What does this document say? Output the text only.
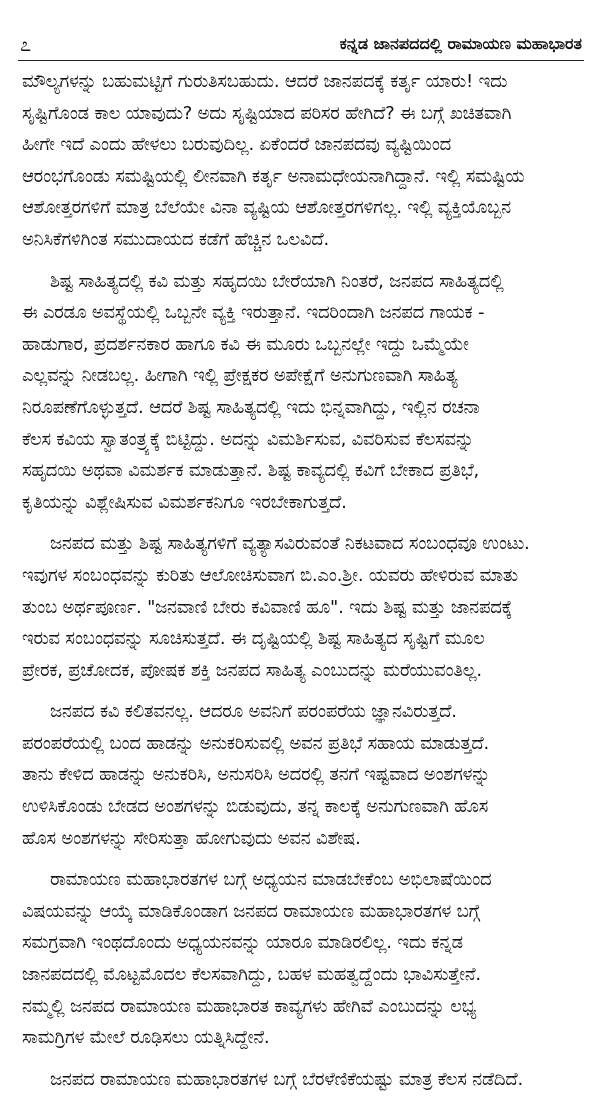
೭	ಕನ್ನಡ ಜಾನಪದದಲ್ಲಿ ರಾಮಾಯಣ ಮಹಾಭಾರತ
ಮೌಲ್ಯಗಳನ್ನು ಬಹುಮಟ್ಟಿಗೆ ಗುರುತಿಸಬಹುದು. ಆದರೆ ಜಾನಪದಕ್ಕೆ ಕರ್ತೃ ಯಾರು! ಇದು
ಸೃಷ್ಟಿಗೊಂಡ ಕಾಲ ಯಾವುದು? ಅದು ಸೃಷ್ಟಿಯಾದ ಪರಿಸರ ಹೇಗಿದೆ? ಈ ಬಗ್ಗೆ ಖಚಿತವಾಗಿ
ಹೀಗೇ ಇದೆ ಎಂದು ಹೇಳಲು ಬರುವುದಿಲ್ಲ. ಏಕೆಂದರೆ ಜಾನಪದವು ವ್ಯಷ್ಟಿಯಿಂದ
ಆರಂಭಗೊಂಡು ಸಮಷ್ಟಿಯಲ್ಲಿ ಲೀನವಾಗಿ ಕರ್ತೃ ಅನಾಮಧೇಯನಾಗಿದ್ದಾನೆ. ಇಲ್ಲಿ ಸಮಷ್ಟಿಯ
ಆಶೋತ್ತರಗಳಿಗೆ ಮಾತ್ರ ಬೆಲೆಯೇ ವಿನಾ ವ್ಯಷ್ಟಿಯ ಆಶೋತ್ತರಗಳಿಗಲ್ಲ. ಇಲ್ಲಿ ವ್ಯಕ್ತಿಯೊಬ್ಬನ
ಅನಿಸಿಕೆಗಳಿಗಿಂತ ಸಮುದಾಯದ ಕಡೆಗೆ ಹೆಚ್ಚಿನ ಒಲವಿದೆ.
ಶಿಷ್ಟ ಸಾಹಿತ್ಯದಲ್ಲಿ ಕವಿ ಮತ್ತು ಸಹೃದಯಿ ಬೇರೆಯಾಗಿ ನಿಂತರೆ, ಜನಪದ ಸಾಹಿತ್ಯದಲ್ಲಿ
ಈ ಎರಡೂ ಅವಸ್ಥೆಯಲ್ಲಿ ಒಬ್ಬನೇ ವ್ಯಕ್ತಿ ಇರುತ್ತಾನೆ. ಇದರಿಂದಾಗಿ ಜನಪದ ಗಾಯಕ -
ಹಾಡುಗಾರ, ಪ್ರದರ್ಶನಕಾರ ಹಾಗೂ ಕವಿ ಈ ಮೂರು ಒಬ್ಬನಲ್ಲೇ ಇದ್ದು ಒಮ್ಮೆಯೇ
ಎಲ್ಲವನ್ನು ನೀಡಬಲ್ಲ. ಹೀಗಾಗಿ ಇಲ್ಲಿ ಪ್ರೇಕ್ಷಕರ ಅಪೇಕ್ಷೆಗೆ ಅನುಗುಣವಾಗಿ ಸಾಹಿತ್ಯ
ನಿರೂಪಣೆಗೊಳ್ಳುತ್ತದೆ. ಆದರೆ ಶಿಷ್ಟ ಸಾಹಿತ್ಯದಲ್ಲಿ ಇದು ಭಿನ್ನವಾಗಿದ್ದು, ಇಲ್ಲಿನ ರಚನಾ
ಕೆಲಸ ಕವಿಯ ಸ್ವಾತಂತ್ರ್ಯಕ್ಕೆ ಬಿಟ್ಟಿದ್ದು. ಅದನ್ನು ವಿಮರ್ಶಿಸುವ, ವಿವರಿಸುವ ಕೆಲಸವನ್ನು
ಸಹೃದಯಿ ಅಥವಾ ವಿಮರ್ಶಕ ಮಾಡುತ್ತಾನೆ. ಶಿಷ್ಟ ಕಾವ್ಯದಲ್ಲಿ ಕವಿಗೆ ಬೇಕಾದ ಪ್ರತಿಭೆ,
ಕೃತಿಯನ್ನು ವಿಶ್ಲೇಷಿಸುವ ವಿಮರ್ಶಕನಿಗೂ ಇರಬೇಕಾಗುತ್ತದೆ.
ಜನಪದ ಮತ್ತು ಶಿಷ್ಟ ಸಾಹಿತ್ಯಗಳಿಗೆ ವ್ಯತ್ಯಾಸವಿರುವಂತೆ ನಿಕಟವಾದ ಸಂಬಂಧವೂ ಉಂಟು.
ಇವುಗಳ ಸಂಬಂಧವನ್ನು ಕುರಿತು ಆಲೋಚಿಸುವಾಗ ಬಿ.ಎಂ.ಶ್ರೀ. ಯವರು ಹೇಳಿರುವ ಮಾತು
ತುಂಬ ಅರ್ಥಪೂರ್ಣ. "ಜನವಾಣಿ ಬೇರು ಕವಿವಾಣಿ ಹೂ". ಇದು ಶಿಷ್ಟ ಮತ್ತು ಜಾನಪದಕ್ಕೆ
ಇರುವ ಸಂಬಂಧವನ್ನು ಸೂಚಿಸುತ್ತದೆ. ಈ ದೃಷ್ಟಿಯಲ್ಲಿ ಶಿಷ್ಟ ಸಾಹಿತ್ಯದ ಸೃಷ್ಟಿಗೆ ಮೂಲ
ಪ್ರೇರಕ, ಪ್ರಚೋದಕ, ಪೋಷಕ ಶಕ್ತಿ ಜನಪದ ಸಾಹಿತ್ಯ ಎಂಬುದನ್ನು ಮರೆಯುವಂತಿಲ್ಲ.
ಜನಪದ ಕವಿ ಕಲಿತವನಲ್ಲ. ಆದರೂ ಅವನಿಗೆ ಪರಂಪರೆಯ ಜ್ಞಾನವಿರುತ್ತದೆ.
ಪರಂಪರೆಯಲ್ಲಿ ಬಂದ ಹಾಡನ್ನು ಅನುಕರಿಸುವಲ್ಲಿ ಅವನ ಪ್ರತಿಭೆ ಸಹಾಯ ಮಾಡುತ್ತದೆ.
ತಾನು ಕೇಳಿದ ಹಾಡನ್ನು ಅನುಕರಿಸಿ, ಅನುಸರಿಸಿ ಅದರಲ್ಲಿ ತನಗೆ ಇಷ್ಟವಾದ ಅಂಶಗಳನ್ನು
ಉಳಿಸಿಕೊಂಡು ಬೇಡದ ಅಂಶಗಳನ್ನು ಬಿಡುವುದು, ತನ್ನ ಕಾಲಕ್ಕೆ ಅನುಗುಣವಾಗಿ ಹೊಸ
ಹೊಸ ಅಂಶಗಳನ್ನು ಸೇರಿಸುತ್ತಾ ಹೋಗುವುದು ಅವನ ವಿಶೇಷ.
ರಾಮಾಯಣ ಮಹಾಭಾರತಗಳ ಬಗ್ಗೆ ಅಧ್ಯಯನ ಮಾಡಬೇಕೆಂಬ ಅಭಿಲಾಷೆಯಿಂದ
ವಿಷಯವನ್ನು ಆಯ್ಕೆ ಮಾಡಿಕೊಂಡಾಗ ಜನಪದ ರಾಮಾಯಣ ಮಹಾಭಾರತಗಳ ಬಗ್ಗೆ
ಸಮಗ್ರವಾಗಿ ಇಂಥದೊಂದು ಅಧ್ಯಯನವನ್ನು ಯಾರೂ ಮಾಡಿರಲಿಲ್ಲ. ಇದು ಕನ್ನಡ
ಜಾನಪದದಲ್ಲಿ ಮೊಟ್ಟಮೊದಲ ಕೆಲಸವಾಗಿದ್ದು, ಬಹಳ ಮಹತ್ವದ್ದೆಂದು ಭಾವಿಸುತ್ತೇನೆ.
ನಮ್ಮಲ್ಲಿ ಜನಪದ ರಾಮಾಯಣ ಮಹಾಭಾರತ ಕಾವ್ಯಗಳು ಹೇಗಿವೆ ಎಂಬುದನ್ನು ಲಭ್ಯ
ಸಾಮಗ್ರಿಗಳ ಮೇಲೆ ರೂಢಿಸಲು ಯತ್ನಿಸಿದ್ದೇನೆ.
ಜನಪದ ರಾಮಾಯಣ ಮಹಾಭಾರತಗಳ ಬಗ್ಗೆ ಬೆರಳೆಣಿಕೆಯಷ್ಟು ಮಾತ್ರ ಕೆಲಸ ನಡೆದಿದೆ.
